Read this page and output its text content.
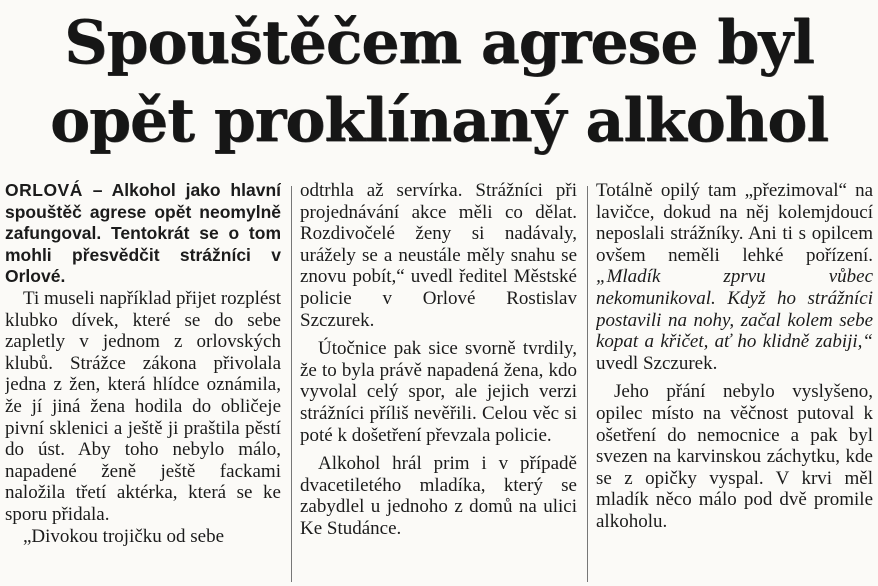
Spouštěčem agrese byl
opět proklínaný alkohol

ORLOVÁ – Alkohol jako hlavní spouštěč agrese opět neomylně zafungoval. Tentokrát se o tom mohli přesvědčit strážníci v Orlové.

Ti museli například přijet rozplést klubko dívek, které se do sebe zapletly v jednom z orlovských klubů. Strážce zákona přivolala jedna z žen, která hlídce oznámila, že jí jiná žena hodila do obličeje pivní sklenici a ještě ji praštila pěstí do úst. Aby toho nebylo málo, napadené ženě ještě fackami naložila třetí aktérka, která se ke sporu přidala.

„Divokou trojičku od sebe

odtrhla až servírka. Strážníci při projednávání akce měli co dělat. Rozdivočelé ženy si nadávaly, urážely se a neustále měly snahu se znovu pobít,“ uvedl ředitel Městské policie v Orlové Rostislav Szczurek.

Útočnice pak sice svorně tvrdily, že to byla právě napadená žena, kdo vyvolal celý spor, ale jejich verzi strážníci příliš nevěřili. Celou věc si poté k došetření převzala policie.

Alkohol hrál prim i v případě dvacetiletého mladíka, který se zabydlel u jednoho z domů na ulici Ke Studánce.

Totálně opilý tam „přezimoval“ na lavičce, dokud na něj kolemjdoucí neposlali strážníky. Ani ti s opilcem ovšem neměli lehké pořízení. „Mladík zprvu vůbec nekomunikoval. Když ho strážníci postavili na nohy, začal kolem sebe kopat a křičet, ať ho klidně zabiji,“ uvedl Szczurek.

Jeho přání nebylo vyslyšeno, opilec místo na věčnost putoval k ošetření do nemocnice a pak byl svezen na karvinskou záchytku, kde se z opičky vyspal. V krvi měl mladík něco málo pod dvě promile alkoholu.
